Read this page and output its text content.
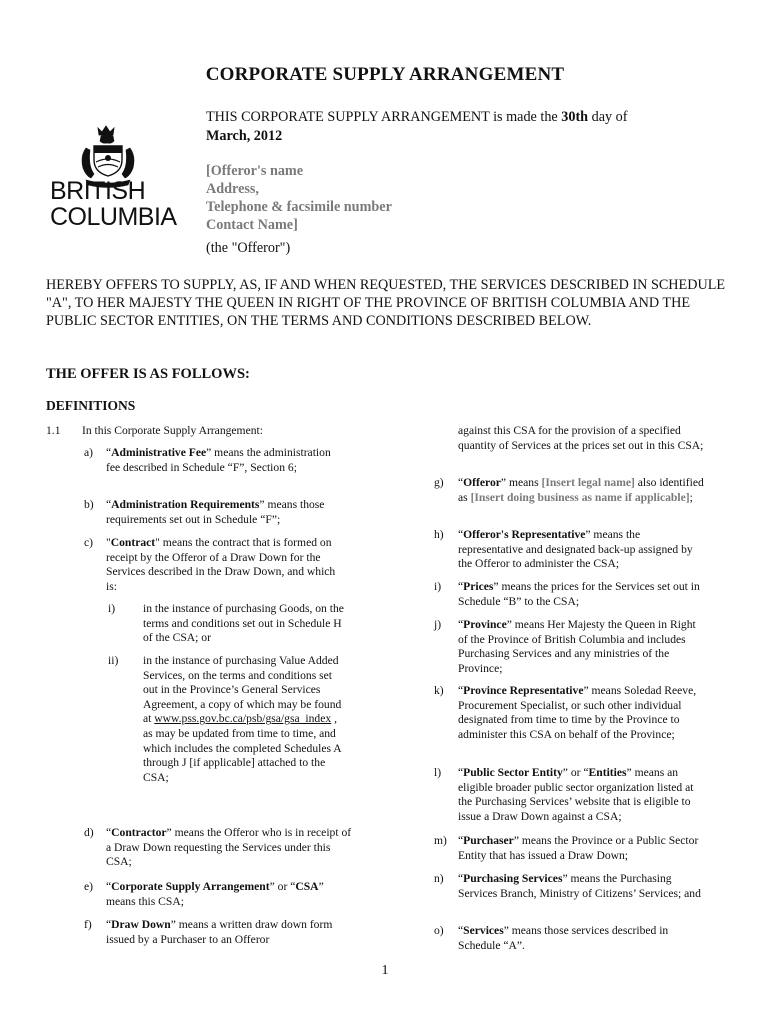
CORPORATE SUPPLY ARRANGEMENT
BRITISH
COLUMBIA
THIS CORPORATE SUPPLY ARRANGEMENT is made the 30th day of
March, 2012
[Offeror's name
Address,
Telephone & facsimile number
Contact Name]
(the "Offeror")
HEREBY OFFERS TO SUPPLY, AS, IF AND WHEN REQUESTED, THE SERVICES DESCRIBED IN SCHEDULE "A", TO HER MAJESTY THE QUEEN IN RIGHT OF THE PROVINCE OF BRITISH COLUMBIA AND THE PUBLIC SECTOR ENTITIES, ON THE TERMS AND CONDITIONS DESCRIBED BELOW.
THE OFFER IS AS FOLLOWS:
DEFINITIONS
1.1 In this Corporate Supply Arrangement:
a) “Administrative Fee” means the administration fee described in Schedule “F”, Section 6;
b) “Administration Requirements” means those requirements set out in Schedule “F”;
c) "Contract" means the contract that is formed on receipt by the Offeror of a Draw Down for the Services described in the Draw Down, and which is:
i) in the instance of purchasing Goods, on the terms and conditions set out in Schedule H of the CSA; or
ii) in the instance of purchasing Value Added Services, on the terms and conditions set out in the Province’s General Services Agreement, a copy of which may be found at www.pss.gov.bc.ca/psb/gsa/gsa_index , as may be updated from time to time, and which includes the completed Schedules A through J [if applicable] attached to the CSA;
d) “Contractor” means the Offeror who is in receipt of a Draw Down requesting the Services under this CSA;
e) “Corporate Supply Arrangement” or “CSA” means this CSA;
f) “Draw Down” means a written draw down form issued by a Purchaser to an Offeror
against this CSA for the provision of a specified quantity of Services at the prices set out in this CSA;
g) “Offeror” means [Insert legal name] also identified as [Insert doing business as name if applicable];
h) “Offeror's Representative” means the representative and designated back-up assigned by the Offeror to administer the CSA;
i) “Prices” means the prices for the Services set out in Schedule “B” to the CSA;
j) “Province” means Her Majesty the Queen in Right of the Province of British Columbia and includes Purchasing Services and any ministries of the Province;
k) “Province Representative” means Soledad Reeve, Procurement Specialist, or such other individual designated from time to time by the Province to administer this CSA on behalf of the Province;
l) “Public Sector Entity” or “Entities” means an eligible broader public sector organization listed at the Purchasing Services’ website that is eligible to issue a Draw Down against a CSA;
m) “Purchaser” means the Province or a Public Sector Entity that has issued a Draw Down;
n) “Purchasing Services” means the Purchasing Services Branch, Ministry of Citizens’ Services; and
o) “Services” means those services described in Schedule “A”.
1
